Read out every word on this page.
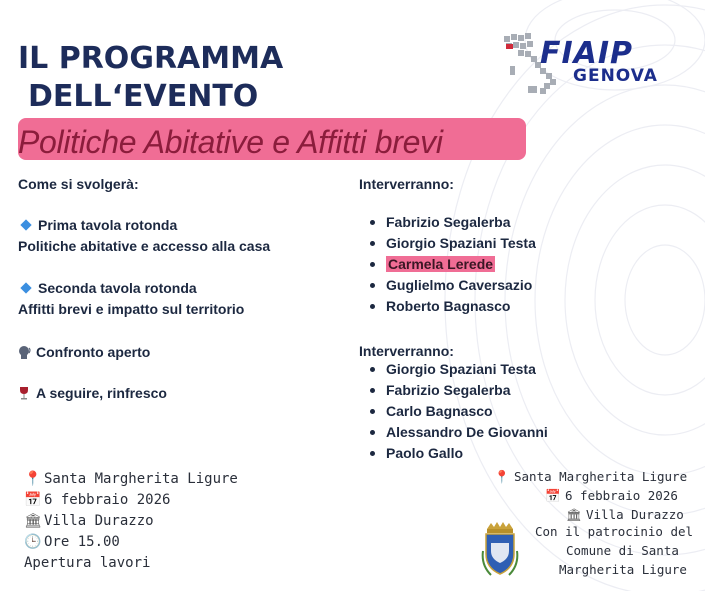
FIAIP
GENOVA
IL PROGRAMMA
DELL‘EVENTO
Politiche Abitative e Affitti brevi
Come si svolgerà:
Prima tavola rotonda
Politiche abitative e accesso alla casa
Seconda tavola rotonda
Affitti brevi e impatto sul territorio
Confronto aperto
A seguire, rinfresco
Interverranno:
Fabrizio Segalerba
Giorgio Spaziani Testa
Carmela Lerede
Guglielmo Caversazio
Roberto Bagnasco
Interverranno:
Giorgio Spaziani Testa
Fabrizio Segalerba
Carlo Bagnasco
Alessandro De Giovanni
Paolo Gallo
📍 Santa Margherita Ligure
📅 6 febbraio 2026
🏛 Villa Durazzo
🕒 Ore 15.00
Apertura lavori
📍 Santa Margherita Ligure
📅 6 febbraio 2026
🏛 Villa Durazzo
Con il patrocinio del
Comune di Santa
Margherita Ligure
